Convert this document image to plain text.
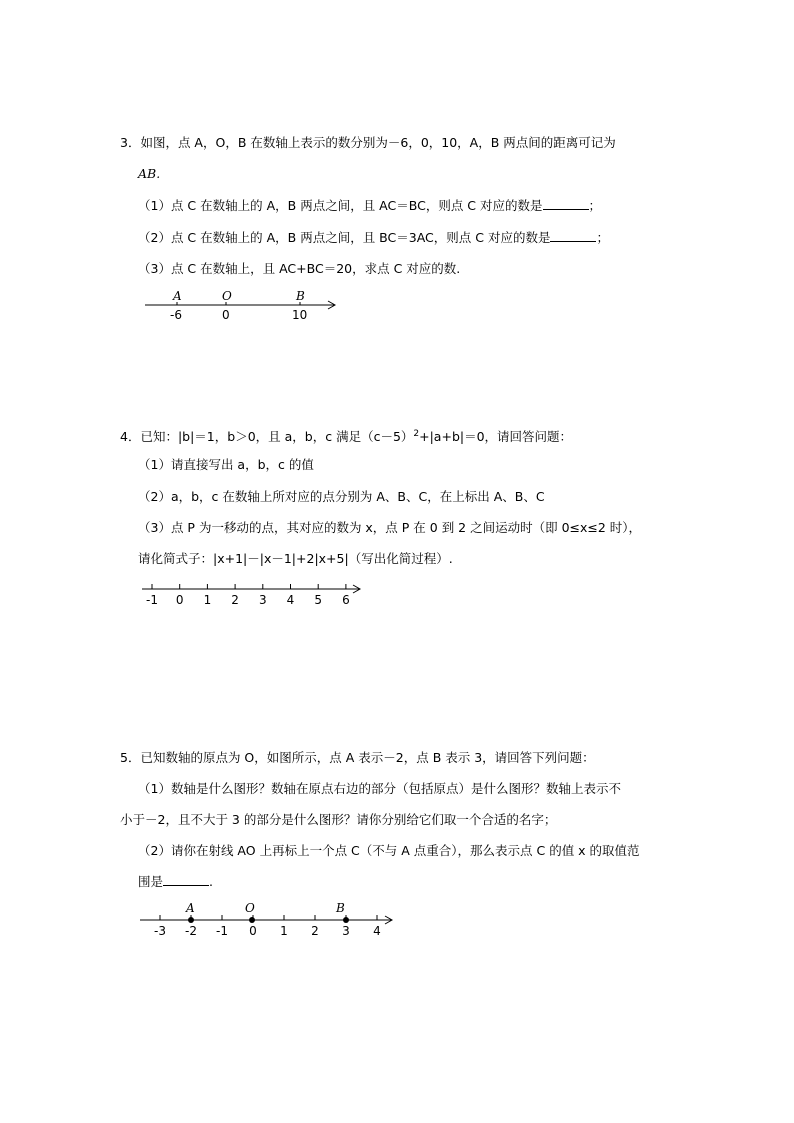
3．如图，点 A，O，B 在数轴上表示的数分别为－6，0，10，A，B 两点间的距离可记为
AB.
（1）点 C 在数轴上的 A，B 两点之间，且 AC＝BC，则点 C 对应的数是	；
（2）点 C 在数轴上的 A，B 两点之间，且 BC＝3AC，则点 C 对应的数是	；
（3）点 C 在数轴上，且 AC+BC＝20，求点 C 对应的数.
A	O	B
-6	0	10
4．已知：|b|＝1，b＞0，且 a，b，c 满足$(c-5)^2+|a+b|=0$，请回答问题：
（1）请直接写出 a，b，c 的值
（2）a，b，c 在数轴上所对应的点分别为 A、B、C，在上标出 A、B、C
（3）点 P 为一移动的点，其对应的数为 x，点 P 在 0 到 2 之间运动时（即 0≤x≤2 时），
请化简式子：|x+1|－|x－1|+2|x+5|（写出化简过程）.
-1 0 1 2 3 4 5 6
5．已知数轴的原点为 O，如图所示，点 A 表示－2，点 B 表示 3，请回答下列问题：
（1）数轴是什么图形？数轴在原点右边的部分（包括原点）是什么图形？数轴上表示不
小于－2，且不大于 3 的部分是什么图形？请你分别给它们取一个合适的名字；
（2）请你在射线 AO 上再标上一个点 C（不与 A 点重合），那么表示点 C 的值 x 的取值范
围是	.
-3 -2 -1 0 1 2 3 4
A	O	B
